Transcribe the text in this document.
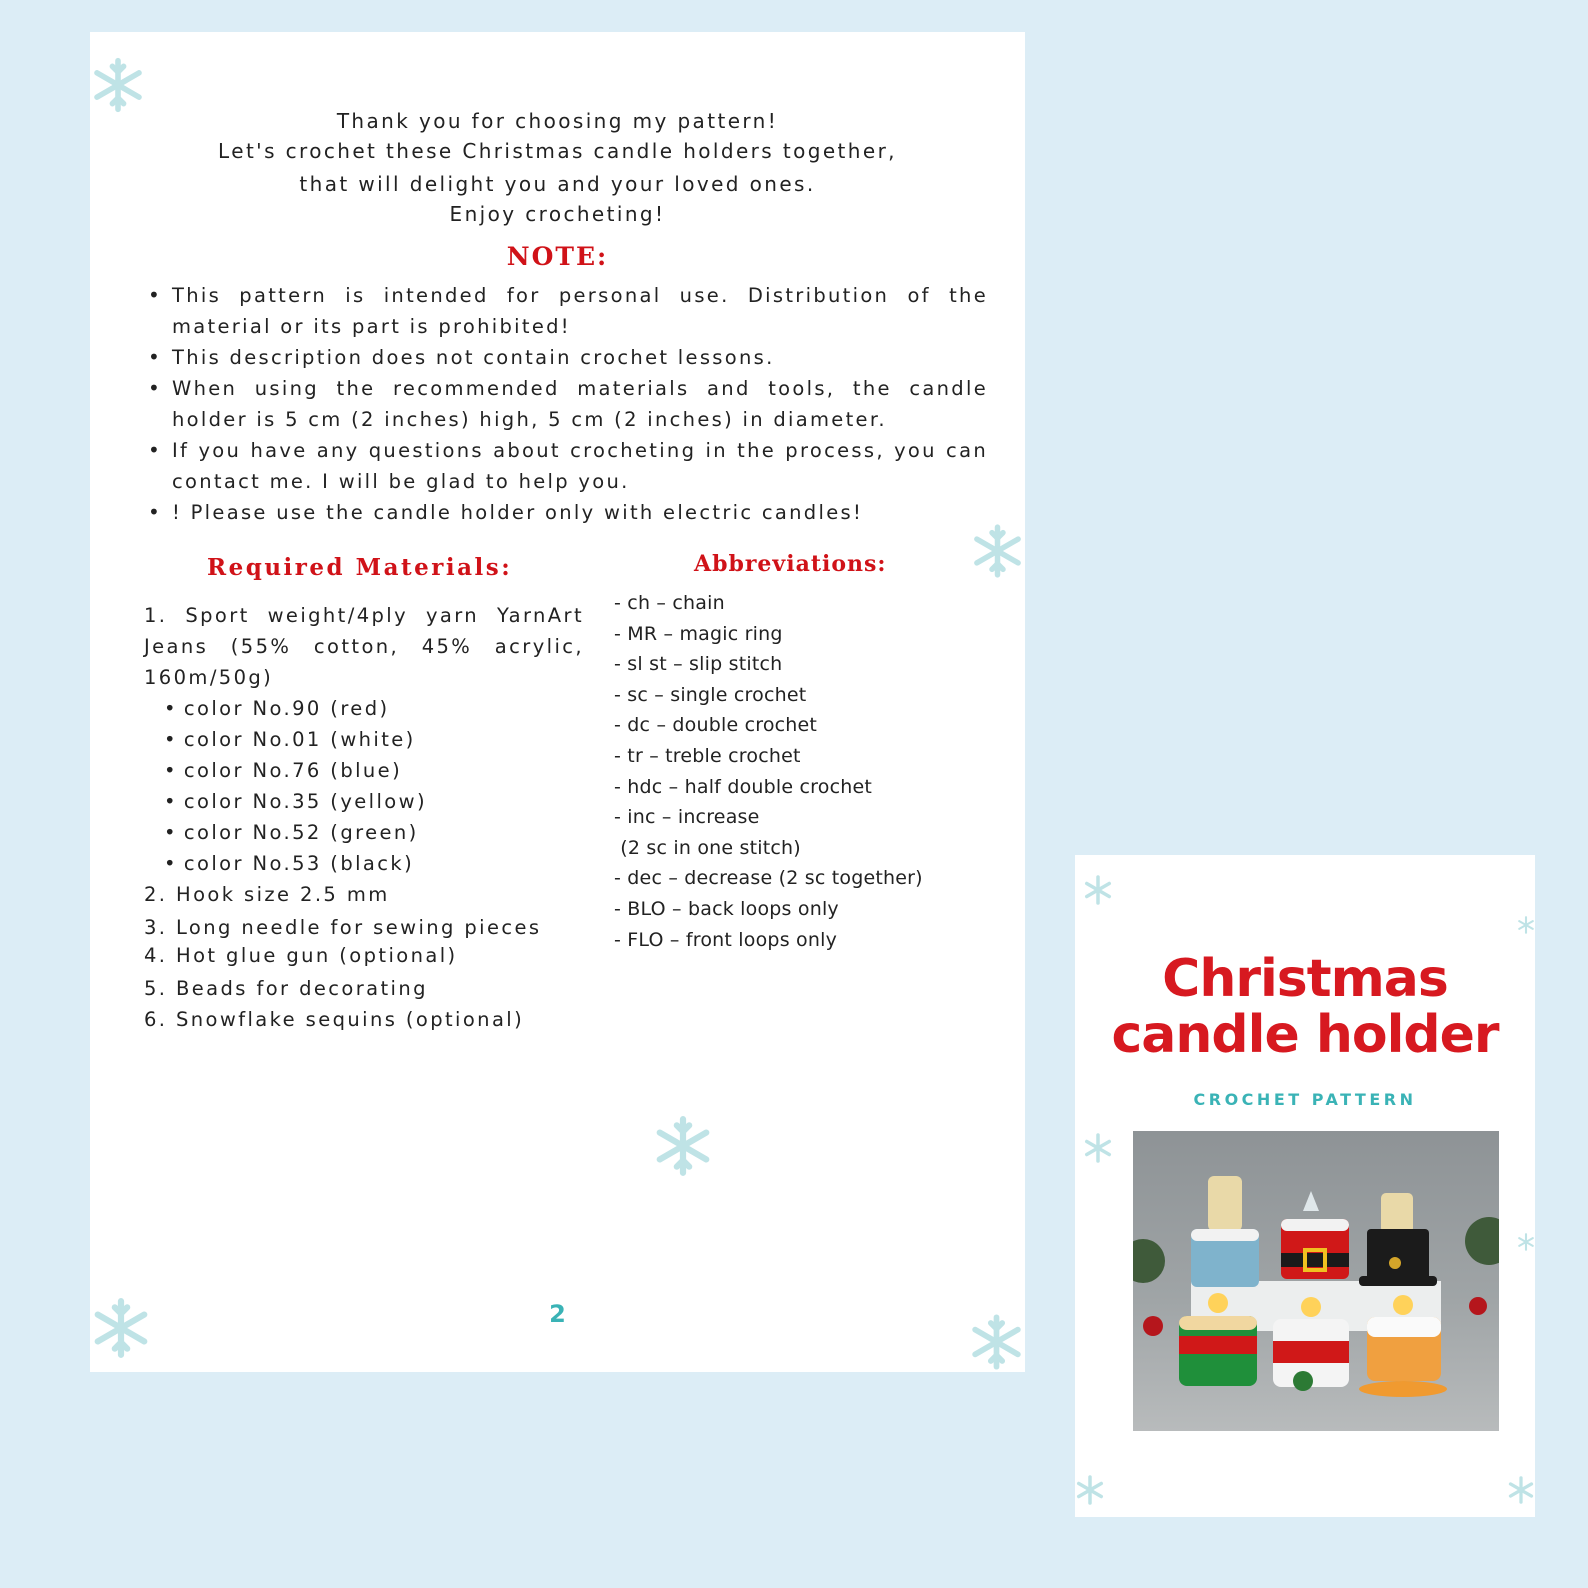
Thank you for choosing my pattern!
Let's crochet these Christmas candle holders together,
that will delight you and your loved ones.
Enjoy crocheting!
NOTE:
• This pattern is intended for personal use. Distribution of the material or its part is prohibited!
• This description does not contain crochet lessons.
• When using the recommended materials and tools, the candle holder is 5 cm (2 inches) high, 5 cm (2 inches) in diameter.
• If you have any questions about crocheting in the process, you can contact me. I will be glad to help you.
• ! Please use the candle holder only with electric candles!
Required Materials:	Abbreviations:
1. Sport weight/4ply yarn YarnArt Jeans (55% cotton, 45% acrylic, 160m/50g)
• color No.90 (red)
• color No.01 (white)
• color No.76 (blue)
• color No.35 (yellow)
• color No.52 (green)
• color No.53 (black)
2. Hook size 2.5 mm
3. Long needle for sewing pieces
4. Hot glue gun (optional)
5. Beads for decorating
6. Snowflake sequins (optional)
- ch – chain
- MR – magic ring
- sl st – slip stitch
- sc – single crochet
- dc – double crochet
- tr – treble crochet
- hdc – half double crochet
- inc – increase
(2 sc in one stitch)
- dec – decrease (2 sc together)
- BLO – back loops only
- FLO – front loops only
2
Christmas
candle holder
CROCHET PATTERN
